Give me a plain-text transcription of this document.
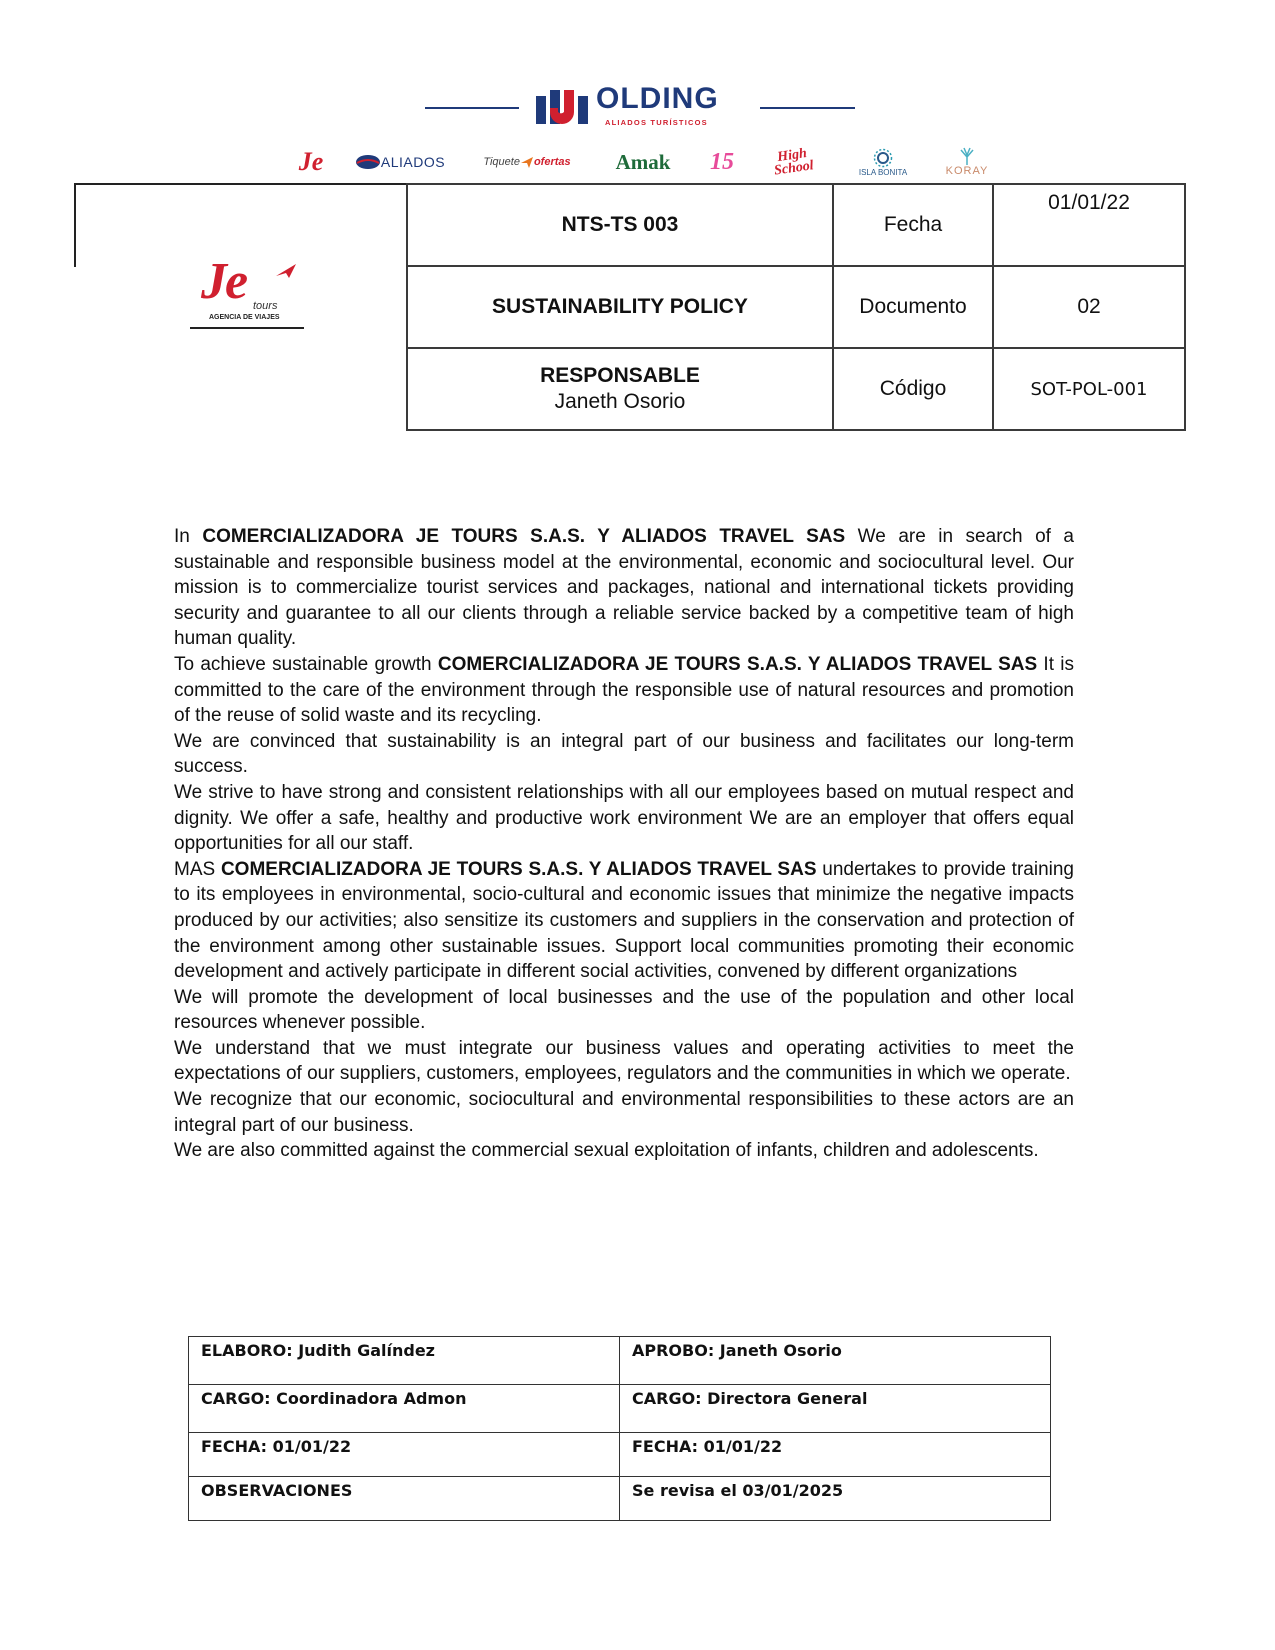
OLDING
ALIADOS TURÍSTICOS
Je	ALIADOS	Tiquete ofertas	Amak	15	High School	ISLA BONITA	KORAY
Je tours
AGENCIA DE VIAJES
NTS-TS 003	Fecha	01/01/22

SUSTAINABILITY POLICY	Documento	02
RESPONSABLE
Janeth Osorio	Código	SOT-POL-001

In COMERCIALIZADORA JE TOURS S.A.S. Y ALIADOS TRAVEL SAS We are in search of a sustainable and responsible business model at the environmental, economic and sociocultural level. Our mission is to commercialize tourist services and packages, national and international tickets providing security and guarantee to all our clients through a reliable service backed by a competitive team of high human quality.

To achieve sustainable growth COMERCIALIZADORA JE TOURS S.A.S. Y ALIADOS TRAVEL SAS It is committed to the care of the environment through the responsible use of natural resources and promotion of the reuse of solid waste and its recycling.

We are convinced that sustainability is an integral part of our business and facilitates our long-term success.

We strive to have strong and consistent relationships with all our employees based on mutual respect and dignity. We offer a safe, healthy and productive work environment We are an employer that offers equal opportunities for all our staff.

MAS COMERCIALIZADORA JE TOURS S.A.S. Y ALIADOS TRAVEL SAS undertakes to provide training to its employees in environmental, socio-cultural and economic issues that minimize the negative impacts produced by our activities; also sensitize its customers and suppliers in the conservation and protection of the environment among other sustainable issues. Support local communities promoting their economic development and actively participate in different social activities, convened by different organizations

We will promote the development of local businesses and the use of the population and other local resources whenever possible.

We understand that we must integrate our business values and operating activities to meet the expectations of our suppliers, customers, employees, regulators and the communities in which we operate.

We recognize that our economic, sociocultural and environmental responsibilities to these actors are an integral part of our business.

We are also committed against the commercial sexual exploitation of infants, children and adolescents.

ELABORO: Judith Galíndez	APROBO: Janeth Osorio
CARGO: Coordinadora Admon	CARGO: Directora General
FECHA: 01/01/22	FECHA: 01/01/22
OBSERVACIONES	Se revisa el 03/01/2025
